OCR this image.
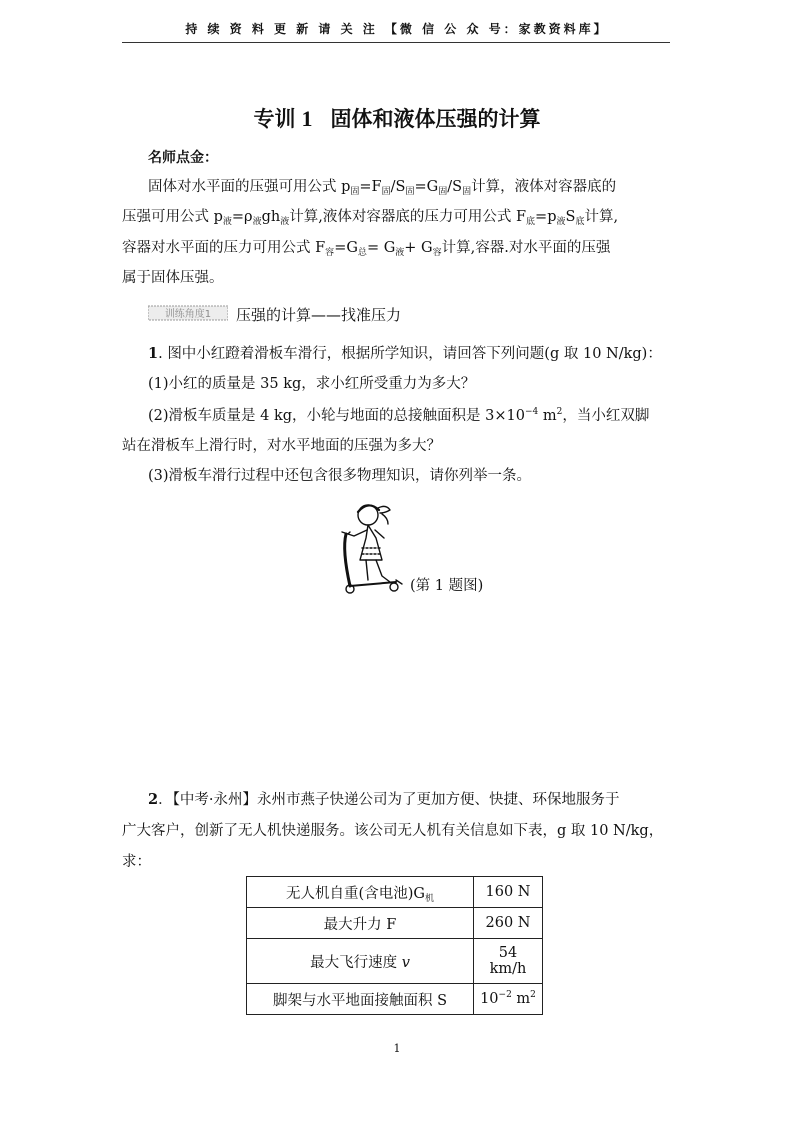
持 续 资 料 更 新 请 关 注 【微 信 公 众 号：家教资料库】
专训 1 固体和液体压强的计算
名师点金：
固体对水平面的压强可用公式 $p_固=F_固/S_固=G_固/S_固$计算，液体对容器底的
压强可用公式 $p_液=\rho_液gh_液$计算,液体对容器底的压力可用公式 $F_底=p_液S_底$计算,
容器对水平面的压力可用公式 $F_容=G_总= G_液+ G_容$计算,容器.对水平面的压强
属于固体压强。
训练角度1 压强的计算——找准压力
1. 图中小红蹬着滑板车滑行，根据所学知识，请回答下列问题(g 取 10 N/kg)：
(1)小红的质量是 35 kg，求小红所受重力为多大？
(2)滑板车质量是 4 kg，小轮与地面的总接触面积是 $3\times 10^{-4}$ $m^2$，当小红双脚
站在滑板车上滑行时，对水平地面的压强为多大？
(3)滑板车滑行过程中还包含很多物理知识，请你列举一条。
(第 1 题图)
2．【中考·永州】永州市燕子快递公司为了更加方便、快捷、环保地服务于
广大客户，创新了无人机快递服务。该公司无人机有关信息如下表，g 取 10 N/kg，
求：
无人机自重(含电池)$G_机$	160 N
最大升力 F	260 N
最大飞行速度 v	54 km/h
脚架与水平地面接触面积 S	$10^{-2}$ $m^2$
1
